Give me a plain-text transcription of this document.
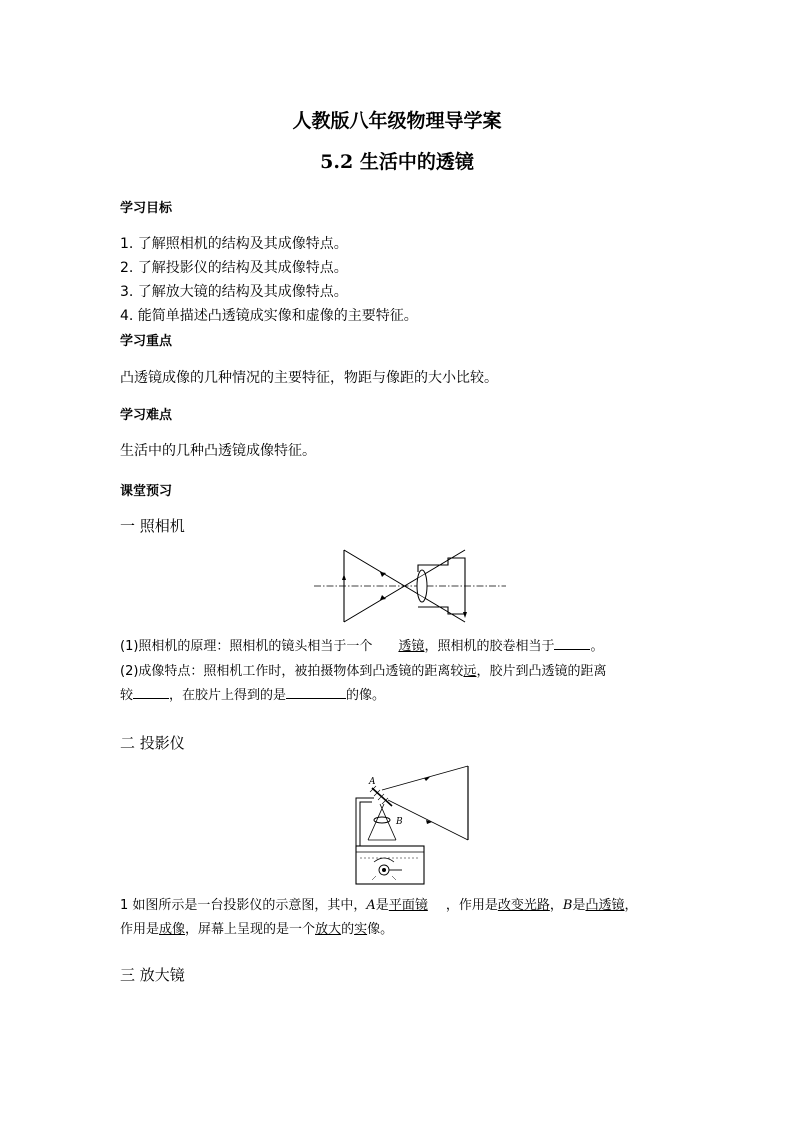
人教版八年级物理导学案
5.2 生活中的透镜
学习目标
1. 了解照相机的结构及其成像特点。
2. 了解投影仪的结构及其成像特点。
3. 了解放大镜的结构及其成像特点。
4. 能简单描述凸透镜成实像和虚像的主要特征。
学习重点
凸透镜成像的几种情况的主要特征，物距与像距的大小比较。
学习难点
生活中的几种凸透镜成像特征。
课堂预习
一 照相机
(1)照相机的原理：照相机的镜头相当于一个 透镜，照相机的胶卷相当于	。
(2)成像特点：照相机工作时，被拍摄物体到凸透镜的距离较远，胶片到凸透镜的距离
较	，在胶片上得到的是	的像。
二 投影仪
A
B
1 如图所示是一台投影仪的示意图，其中，A是平面镜 ，作用是改变光路，B是凸透镜，
作用是成像，屏幕上呈现的是一个放大的实像。
三 放大镜
